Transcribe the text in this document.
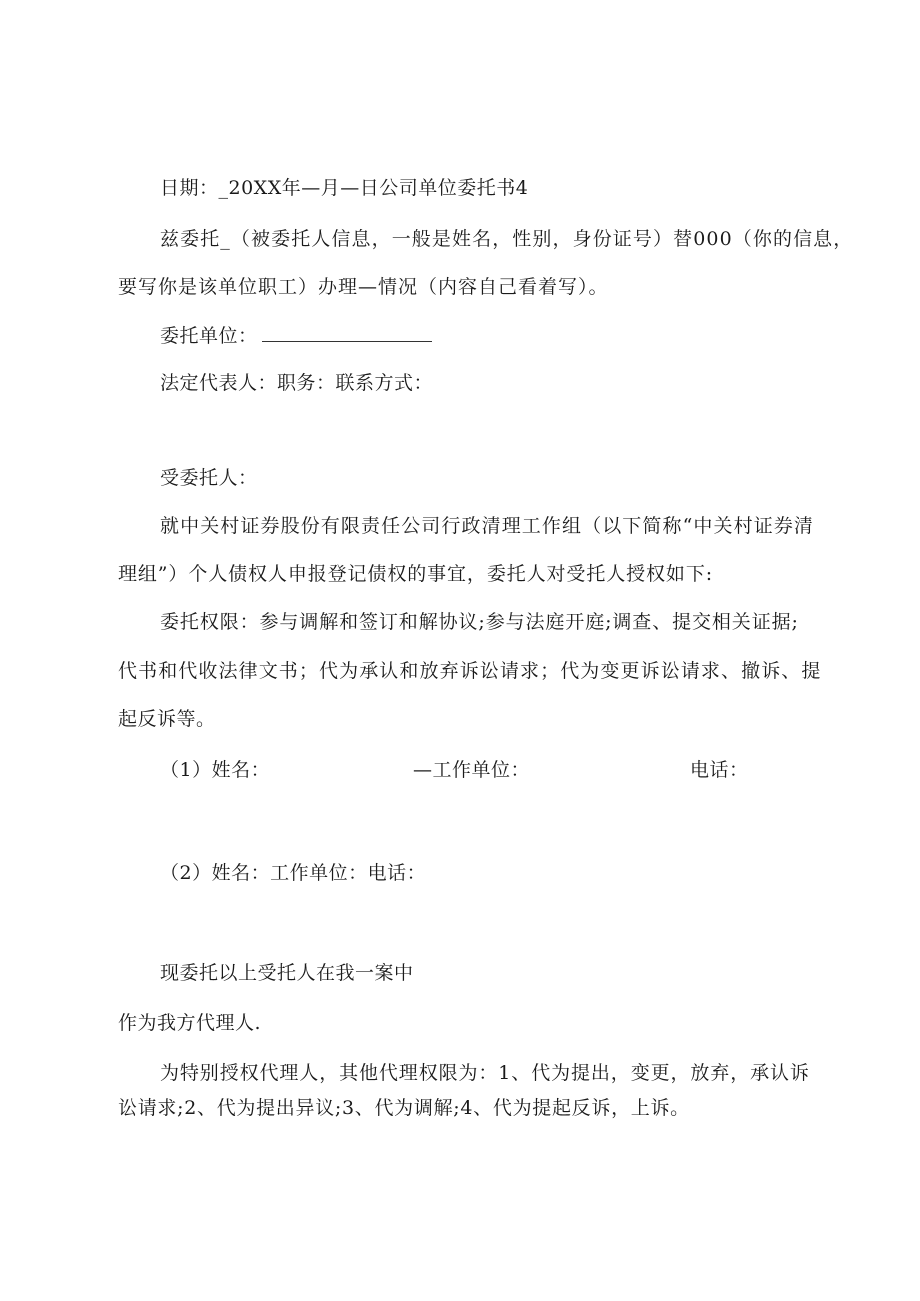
日期：_20XX年—月—日公司单位委托书4
兹委托_（被委托人信息，一般是姓名，性别，身份证号）替000（你的信息，
要写你是该单位职工）办理—情况（内容自己看着写）。
委托单位：
法定代表人：职务：联系方式：
受委托人：
就中关村证券股份有限责任公司行政清理工作组（以下简称“中关村证券清
理组”）个人债权人申报登记债权的事宜，委托人对受托人授权如下:
委托权限：参与调解和签订和解协议;参与法庭开庭;调查、提交相关证据;
代书和代收法律文书；代为承认和放弃诉讼请求；代为变更诉讼请求、撤诉、提
起反诉等。
（1）姓名：	—工作单位：	电话：
（2）姓名：工作单位：电话：
现委托以上受托人在我一案中
作为我方代理人.
为特别授权代理人，其他代理权限为：1、代为提出，变更，放弃，承认诉
讼请求;2、代为提出异议;3、代为调解;4、代为提起反诉，上诉。
